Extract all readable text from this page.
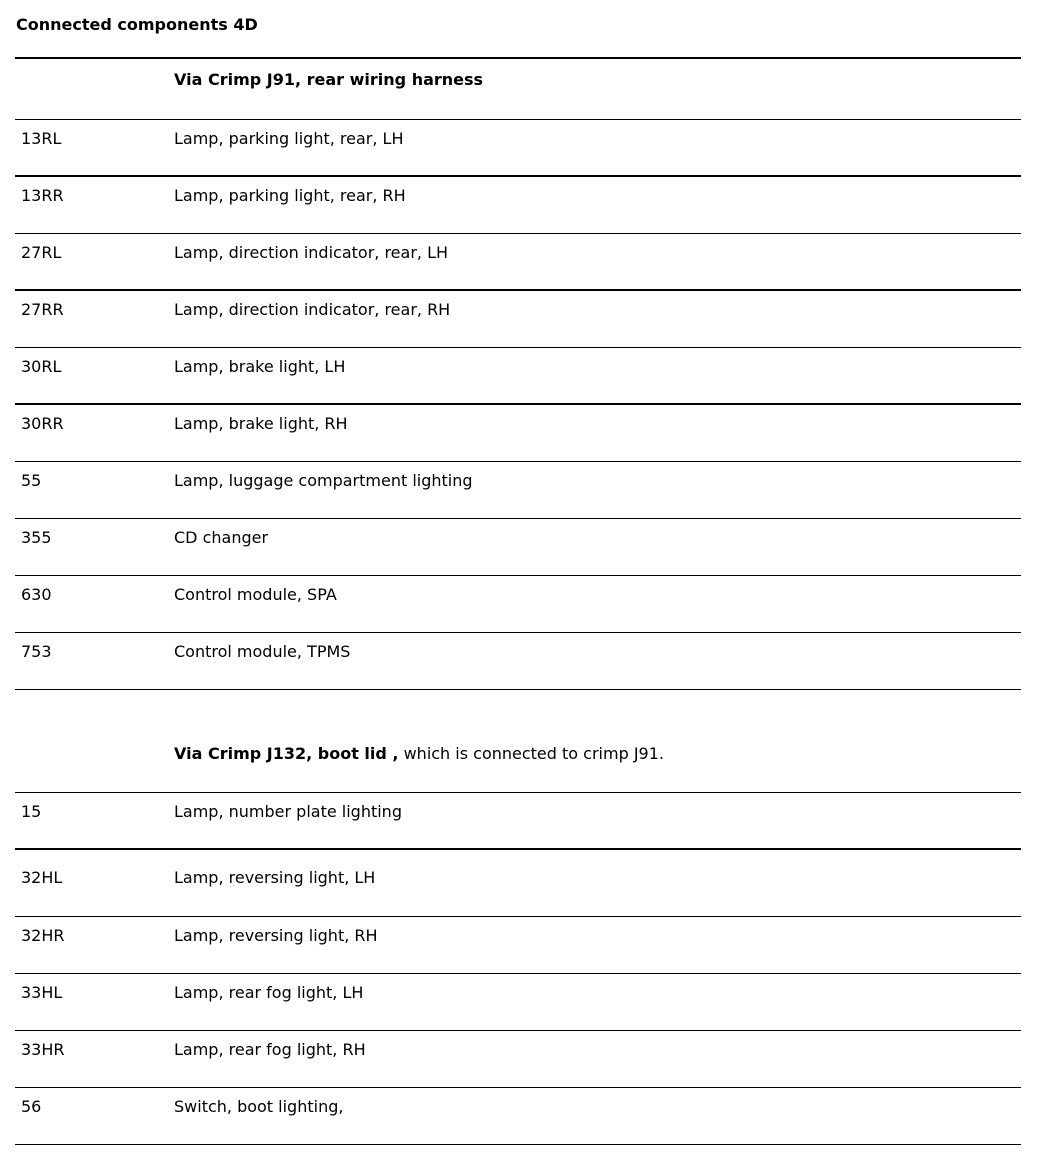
Connected components 4D
Via Crimp J91, rear wiring harness
13RL	Lamp, parking light, rear, LH
13RR	Lamp, parking light, rear, RH
27RL	Lamp, direction indicator, rear, LH
27RR	Lamp, direction indicator, rear, RH
30RL	Lamp, brake light, LH
30RR	Lamp, brake light, RH
55	Lamp, luggage compartment lighting
355	CD changer
630	Control module, SPA
753	Control module, TPMS
Via Crimp J132, boot lid , which is connected to crimp J91.
15	Lamp, number plate lighting
32HL	Lamp, reversing light, LH
32HR	Lamp, reversing light, RH
33HL	Lamp, rear fog light, LH
33HR	Lamp, rear fog light, RH
56	Switch, boot lighting,
